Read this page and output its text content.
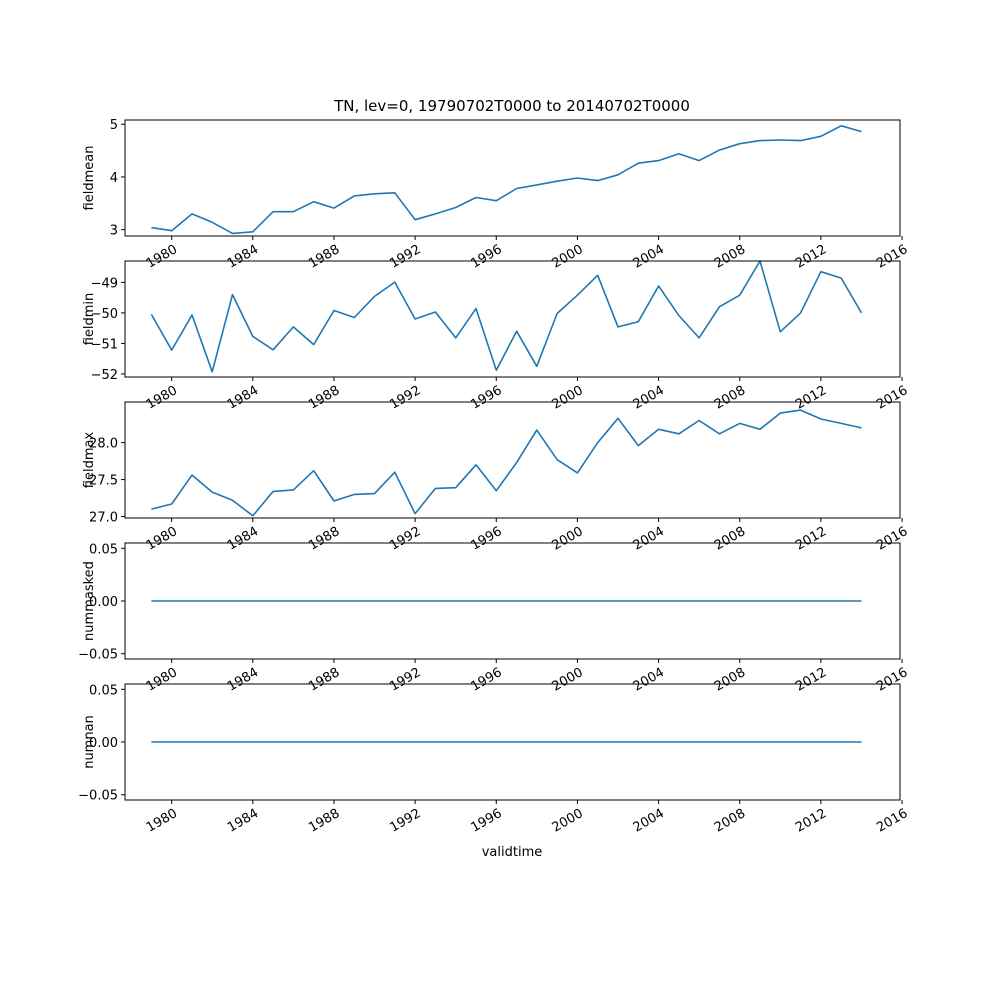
TN, lev=0, 19790702T0000 to 20140702T0000
validtime
3
4
5
fieldmean
1980	1984	1988	1992	1996	2000	2004	2008	2012	2016
−52
−51
−50
−49
fieldmin
1980	1984	1988	1992	1996	2000	2004	2008	2012	2016
27.0
27.5
28.0
fieldmax
1980	1984	1988	1992	1996	2000	2004	2008	2012	2016
−0.05
0.00
0.05
nummasked
1980	1984	1988	1992	1996	2000	2004	2008	2012	2016
−0.05
0.00
0.05
numnan
1980	1984	1988	1992	1996	2000	2004	2008	2012	2016
